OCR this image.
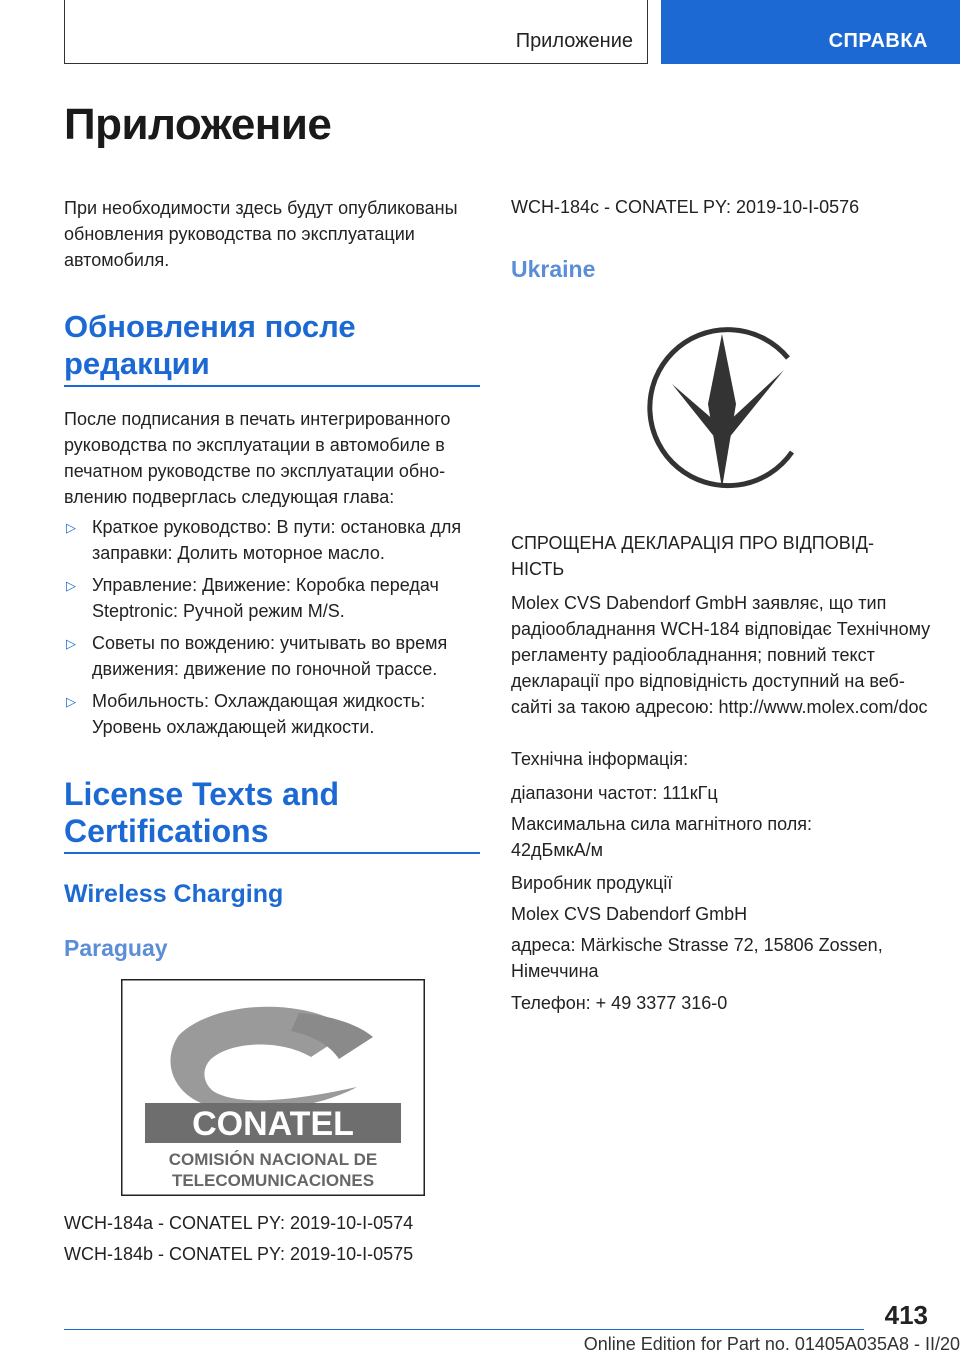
Приложение	СПРАВКА
Приложение
При необходимости здесь будут опубликованы обновления руководства по эксплуатации автомобиля.
Обновления после редакции
После подписания в печать интегрированного руководства по эксплуатации в автомобиле в печатном руководстве по эксплуатации обновлению подверглась следующая глава:
▷ Краткое руководство: В пути: остановка для заправки: Долить моторное масло.
▷ Управление: Движение: Коробка передач Steptronic: Ручной режим M/S.
▷ Советы по вождению: учитывать во время движения: движение по гоночной трассе.
▷ Мобильность: Охлаждающая жидкость: Уровень охлаждающей жидкости.
License Texts and Certifications
Wireless Charging
Paraguay
CONATEL
COMISIÓN NACIONAL DE
TELECOMUNICACIONES
WCH-184a - CONATEL PY: 2019-10-I-0574
WCH-184b - CONATEL PY: 2019-10-I-0575
WCH-184c - CONATEL PY: 2019-10-I-0576
Ukraine
СПРОЩЕНА ДЕКЛАРАЦІЯ ПРО ВІДПОВІДНІСТЬ
Molex CVS Dabendorf GmbH заявляє, що тип радіообладнання WCH-184 відповідає Технічному регламенту радіообладнання; повний текст декларації про відповідність доступний на веб-сайті за такою адресою: http://www.molex.com/doc
Технічна інформація:
діапазони частот: 111кГц
Максимальна сила магнітного поля: 42дБмкА/м
Виробник продукції
Molex CVS Dabendorf GmbH
адреса: Märkische Strasse 72, 15806 Zossen, Німеччина
Телефон: + 49 3377 316-0
413
Online Edition for Part no. 01405A035A8 - II/20
